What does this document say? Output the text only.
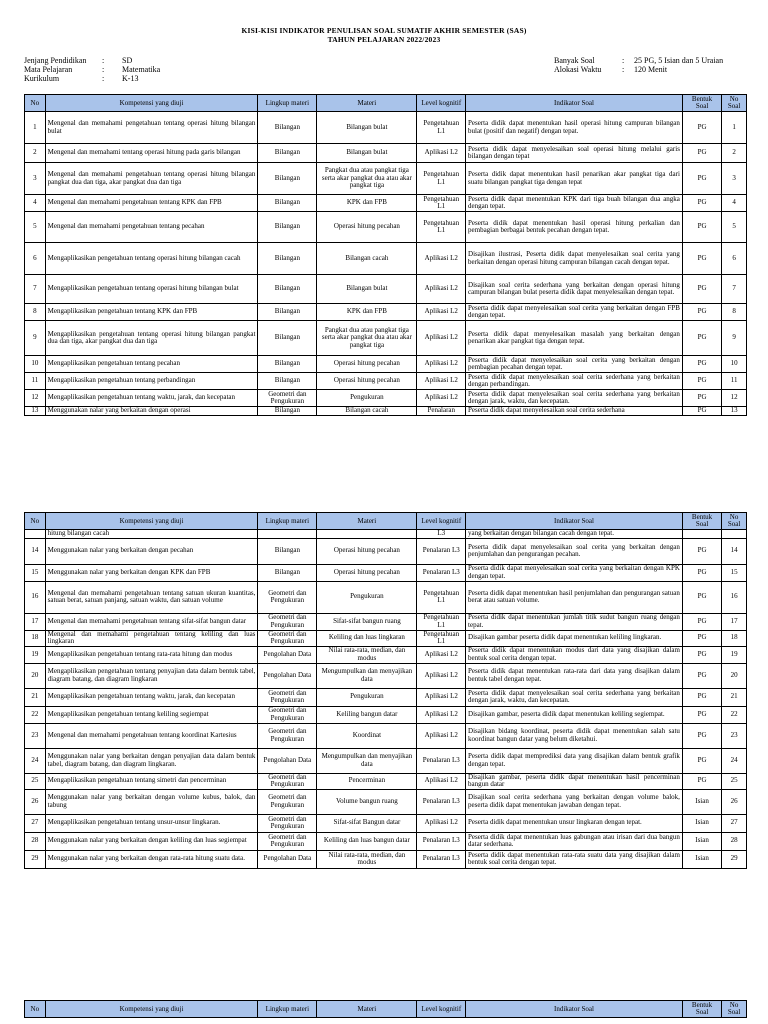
KISI-KISI INDIKATOR PENULISAN SOAL SUMATIF AKHIR SEMESTER (SAS)
TAHUN PELAJARAN 2022/2023
Jenjang Pendidikan	:	SD
Mata Pelajaran	:	Matematika
Kurikulum	:	K-13
Banyak Soal	:	25 PG, 5 Isian dan 5 Uraian
Alokasi Waktu	:	120 Menit
No	Kompetensi yang diuji	Lingkup materi	Materi	Level kognitif	Indikator Soal	Bentuk Soal	No Soal
1	Mengenal dan memahami pengetahuan tentang operasi hitung bilangan bulat	Bilangan	Bilangan bulat	Pengetahuan L1	Peserta didik dapat menentukan hasil operasi hitung campuran bilangan bulat (positif dan negatif) dengan tepat.	PG	1
2	Mengenal dan memahami tentang operasi hitung pada garis bilangan	Bilangan	Bilangan bulat	Aplikasi L2	Peserta didik dapat menyelesaikan soal operasi hitung melalui garis bilangan dengan tepat	PG	2
3	Mengenal dan memahami pengetahuan tentang operasi hitung bilangan pangkat dua dan tiga, akar pangkat dua dan tiga	Bilangan	Pangkat dua atau pangkat tiga serta akar pangkat dua atau akar pangkat tiga	Pengetahuan L1	Peserta didik dapat menentukan hasil penarikan akar pangkat tiga dari suatu bilangan pangkat tiga dengan tepat	PG	3
4	Mengenal dan memahami pengetahuan tentang KPK dan FPB	Bilangan	KPK dan FPB	Pengetahuan L1	Peserta didik dapat menentukan KPK dari tiga buah bilangan dua angka dengan tepat.	PG	4
5	Mengenal dan memahami pengetahuan tentang pecahan	Bilangan	Operasi hitung pecahan	Pengetahuan L1	Peserta didik dapat menentukan hasil operasi hitung perkalian dan pembagian berbagai bentuk pecahan dengan tepat.	PG	5
6	Mengaplikasikan pengetahuan tentang operasi hitung bilangan cacah	Bilangan	Bilangan cacah	Aplikasi L2	Disajikan ilustrasi, Peserta didik dapat menyelesaikan soal cerita yang berkaitan dengan operasi hitung campuran bilangan cacah dengan tepat.	PG	6
7	Mengaplikasikan pengetahuan tentang operasi hitung bilangan bulat	Bilangan	Bilangan bulat	Aplikasi L2	Disajikan soal cerita sederhana yang berkaitan dengan operasi hitung campuran bilangan bulat peserta didik dapat menyelesaikan dengan tepat.	PG	7
8	Mengaplikasikan pengetahuan tentang KPK dan FPB	Bilangan	KPK dan FPB	Aplikasi L2	Peserta didik dapat menyelesaikan soal cerita yang berkaitan dengan FPB dengan tepat.	PG	8
9	Mengaplikasikan pengetahuan tentang operasi hitung bilangan pangkat dua dan tiga, akar pangkat dua dan tiga	Bilangan	Pangkat dua atau pangkat tiga serta akar pangkat dua atau akar pangkat tiga	Aplikasi L2	Peserta didik dapat menyelesaikan masalah yang berkaitan dengan penarikan akar pangkat tiga dengan tepat.	PG	9
10	Mengaplikasikan pengetahuan tentang pecahan	Bilangan	Operasi hitung pecahan	Aplikasi L2	Peserta didik dapat menyelesaikan soal cerita yang berkaitan dengan pembagian pecahan dengan tepat.	PG	10
11	Mengaplikasikan pengetahuan tentang perbandingan	Bilangan	Operasi hitung pecahan	Aplikasi L2	Peserta didik dapat menyelesaikan soal cerita sederhana yang berkaitan dengan perbandingan.	PG	11
12	Mengaplikasikan pengetahuan tentang waktu, jarak, dan kecepatan	Geometri dan Pengukuran	Pengukuran	Aplikasi L2	Peserta didik dapat menyelesaikan soal cerita sederhana yang berkaitan dengan jarak, waktu, dan kecepatan.	PG	12
13	Menggunakan nalar yang berkaitan dengan operasi	Bilangan	Bilangan cacah	Penalaran	Peserta didik dapat menyelesaikan soal cerita sederhana	PG	13
No	Kompetensi yang diuji	Lingkup materi	Materi	Level kognitif	Indikator Soal	Bentuk Soal	No Soal
	hitung bilangan cacah			L3	yang berkaitan dengan bilangan cacah dengan tepat.		
14	Menggunakan nalar yang berkaitan dengan pecahan	Bilangan	Operasi hitung pecahan	Penalaran L3	Peserta didik dapat menyelesaikan soal cerita yang berkaitan dengan penjumlahan dan pengurangan pecahan.	PG	14
15	Menggunakan nalar yang berkaitan dengan KPK dan FPB	Bilangan	Operasi hitung pecahan	Penalaran L3	Peserta didik dapat menyelesaikan soal cerita yang berkaitan dengan KPK dengan tepat.	PG	15
16	Mengenal dan memahami pengetahuan tentang satuan ukuran kuantitas, satuan berat, satuan panjang, satuan waktu, dan satuan volume	Geometri dan Pengukuran	Pengukuran	Pengetahuan L1	Peserta didik dapat menentukan hasil penjumlahan dan pengurangan satuan berat atau satuan volume.	PG	16
17	Mengenal dan memahami pengetahuan tentang sifat-sifat bangun datar	Geometri dan Pengukuran	Sifat-sifat bangun ruang	Pengetahuan L1	Peserta didik dapat menentukan jumlah titik sudut bangun ruang dengan tepat.	PG	17
18	Mengenal dan memahami pengetahuan tentang keliling dan luas lingkaran	Geometri dan Pengukuran	Keliling dan luas lingkaran	Pengetahuan L1	Disajikan gambar peserta didik dapat menentukan keliling lingkaran.	PG	18
19	Mengaplikasikan pengetahuan tentang rata-rata hitung dan modus	Pengolahan Data	Nilai rata-rata, median, dan modus	Aplikasi L2	Peserta didik dapat menentukan modus dari data yang disajikan dalam bentuk soal cerita dengan tepat.	PG	19
20	Mengaplikasikan pengetahuan tentang penyajian data dalam bentuk tabel, diagram batang, dan diagram lingkaran	Pengolahan Data	Mengumpulkan dan menyajikan data	Aplikasi L2	Peserta didik dapat menentukan rata-rata dari data yang disajikan dalam bentuk tabel dengan tepat.	PG	20
21	Mengaplikasikan pengetahuan tentang waktu, jarak, dan kecepatan	Geometri dan Pengukuran	Pengukuran	Aplikasi L2	Peserta didik dapat menyelesaikan soal cerita sederhana yang berkaitan dengan jarak, waktu, dan kecepatan.	PG	21
22	Mengaplikasikan pengetahuan tentang keliling segiempat	Geometri dan Pengukuran	Keliling bangun datar	Aplikasi L2	Disajikan gambar, peserta didik dapat menentukan keliling segiempat.	PG	22
23	Mengenal dan memahami pengetahuan tentang koordinat Kartesius	Geometri dan Pengukuran	Koordinat	Aplikasi L2	Disajikan bidang koordinat, peserta didik dapat menentukan salah satu koordinat bangun datar yang belum diketahui.	PG	23
24	Menggunakan nalar yang berkaitan dengan penyajian data dalam bentuk tabel, diagram batang, dan diagram lingkaran.	Pengolahan Data	Mengumpulkan dan menyajikan data	Penalaran L3	Peserta didik dapat memprediksi data yang disajikan dalam bentuk grafik dengan tepat.	PG	24
25	Mengaplikasikan pengetahuan tentang simetri dan pencerminan	Geometri dan Pengukuran	Pencerminan	Aplikasi L2	Disajikan gambar, peserta didik dapat menentukan hasil pencerminan bangun datar	PG	25
26	Menggunakan nalar yang berkaitan dengan volume kubus, balok, dan tabung	Geometri dan Pengukuran	Volume bangun ruang	Penalaran L3	Disajikan soal cerita sederhana yang berkaitan dengan volume balok, peserta didik dapat menentukan jawaban dengan tepat.	Isian	26
27	Mengaplikasikan pengetahuan tentang unsur-unsur lingkaran.	Geometri dan Pengukuran	Sifat-sifat Bangun datar	Aplikasi L2	Peserta didik dapat menentukan unsur lingkaran dengan tepat.	Isian	27
28	Menggunakan nalar yang berkaitan dengan keliling dan luas segiempat	Geometri dan Pengukuran	Keliling dan luas bangun datar	Penalaran L3	Peserta didik dapat menentukan luas gabungan atau irisan dari dua bangun datar sederhana.	Isian	28
29	Menggunakan nalar yang berkaitan dengan rata-rata hitung suatu data.	Pengolahan Data	Nilai rata-rata, median, dan modus	Penalaran L3	Peserta didik dapat menentukan rata-rata suatu data yang disajikan dalam bentuk soal cerita dengan tepat.	Isian	29
No	Kompetensi yang diuji	Lingkup materi	Materi	Level kognitif	Indikator Soal	Bentuk Soal	No Soal
